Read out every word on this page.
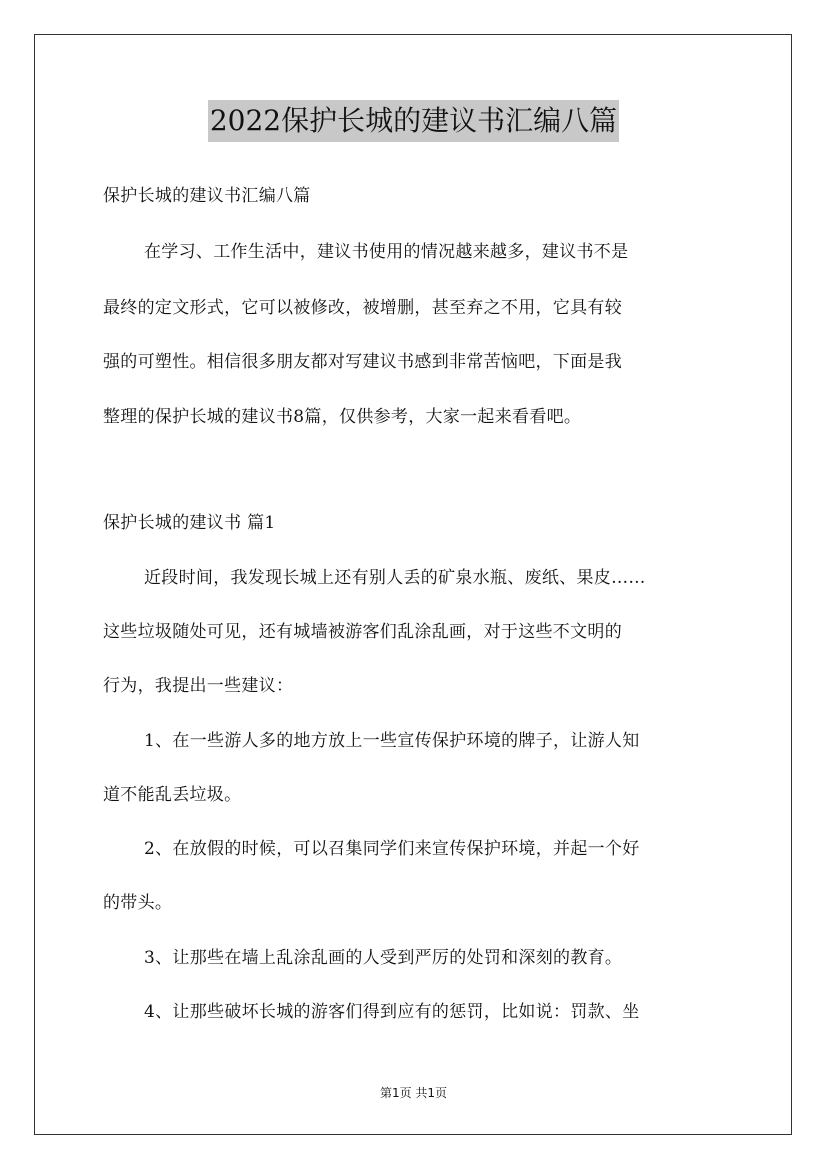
2022保护长城的建议书汇编八篇
保护长城的建议书汇编八篇
在学习、工作生活中，建议书使用的情况越来越多，建议书不是
最终的定文形式，它可以被修改，被增删，甚至弃之不用，它具有较
强的可塑性。相信很多朋友都对写建议书感到非常苦恼吧，下面是我
整理的保护长城的建议书8篇，仅供参考，大家一起来看看吧。
保护长城的建议书 篇1
近段时间，我发现长城上还有别人丢的矿泉水瓶、废纸、果皮……
这些垃圾随处可见，还有城墙被游客们乱涂乱画，对于这些不文明的
行为，我提出一些建议：
1、在一些游人多的地方放上一些宣传保护环境的牌子，让游人知
道不能乱丢垃圾。
2、在放假的时候，可以召集同学们来宣传保护环境，并起一个好
的带头。
3、让那些在墙上乱涂乱画的人受到严厉的处罚和深刻的教育。
4、让那些破坏长城的游客们得到应有的惩罚，比如说：罚款、坐
第1页 共1页
